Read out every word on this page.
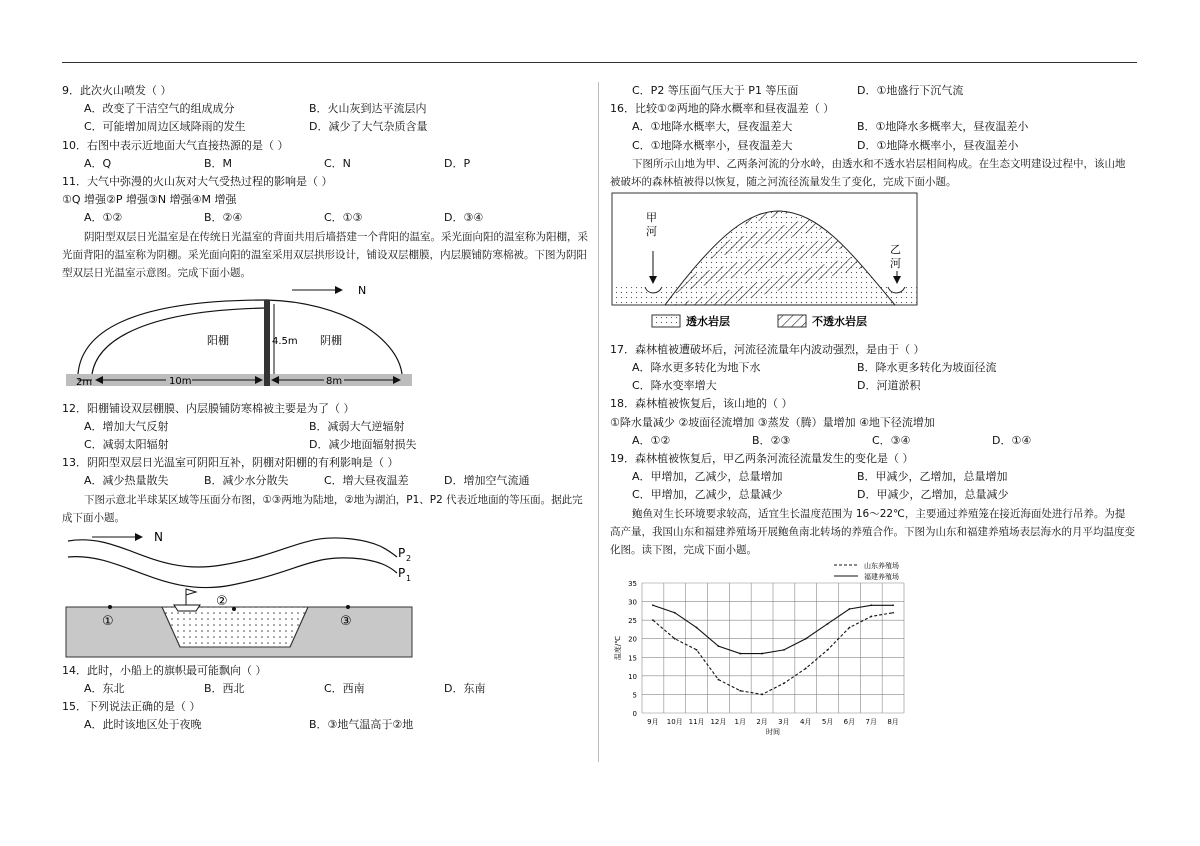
9．此次火山喷发（ ）
A．改变了干洁空气的组成成分	B．火山灰到达平流层内
C．可能增加周边区域降雨的发生	D．减少了大气杂质含量
10．右图中表示近地面大气直接热源的是（ ）
A．Q	B．M	C．N	D．P
11．大气中弥漫的火山灰对大气受热过程的影响是（ ）
①Q 增强②P 增强③N 增强④M 增强
A．①②	B．②④	C．①③	D．③④
阴阳型双层日光温室是在传统日光温室的背面共用后墙搭建一个背阳的温室。采光面向阳的温室称为阳棚，采光面背阳的温室称为阴棚。采光面向阳的温室采用双层拱形设计，铺设双层棚膜，内层膜铺防寒棉被。下图为阴阳型双层日光温室示意图。完成下面小题。
N
阳棚	阴棚
4.5m
2m	10m	8m
12．阳棚铺设双层棚膜、内层膜铺防寒棉被主要是为了（ ）
A．增加大气反射	B．减弱大气逆辐射
C．减弱太阳辐射	D．减少地面辐射损失
13．阴阳型双层日光温室可阴阳互补，阴棚对阳棚的有利影响是（ ）
A．减少热量散失	B．减少水分散失	C．增大昼夜温差	D．增加空气流通
下图示意北半球某区域等压面分布图，①③两地为陆地，②地为湖泊，P1、P2 代表近地面的等压面。据此完成下面小题。
N
P 2
P 1
①
②
③
14．此时，小船上的旗帜最可能飘向（ ）
A．东北	B．西北	C．西南	D．东南
15．下列说法正确的是（ ）
A．此时该地区处于夜晚	B．③地气温高于②地
C．P2 等压面气压大于 P1 等压面	D．①地盛行下沉气流
16．比较①②两地的降水概率和昼夜温差（ ）
A．①地降水概率大，昼夜温差大	B．①地降水多概率大，昼夜温差小
C．①地降水概率小，昼夜温差大	D．①地降水概率小，昼夜温差小
下图所示山地为甲、乙两条河流的分水岭，由透水和不透水岩层相间构成。在生态文明建设过程中，该山地被破坏的森林植被得以恢复，随之河流径流量发生了变化，完成下面小题。
甲河
乙河
透水岩层	不透水岩层
17．森林植被遭破坏后，河流径流量年内波动强烈，是由于（ ）
A．降水更多转化为地下水	B．降水更多转化为坡面径流
C．降水变率增大	D．河道淤积
18．森林植被恢复后，该山地的（ ）
①降水量减少 ②坡面径流增加 ③蒸发（腾）量增加 ④地下径流增加
A．①②	B．②③	C．③④	D．①④
19．森林植被恢复后，甲乙两条河流径流量发生的变化是（ ）
A．甲增加，乙减少，总量增加	B．甲减少，乙增加，总量增加
C．甲增加，乙减少，总量减少	D．甲减少，乙增加，总量减少
鲍鱼对生长环境要求较高，适宜生长温度范围为 16～22℃，主要通过养殖笼在接近海面处进行吊养。为提高产量，我国山东和福建养殖场开展鲍鱼南北转场的养殖合作。下图为山东和福建养殖场表层海水的月平均温度变化图。读下图，完成下面小题。
0
5
10
15
20
25
30
35
9月 10月 11月 12月 1月 2月 3月 4月 5月 6月 7月 8月
时间
温度/℃
山东养殖场
福建养殖场
